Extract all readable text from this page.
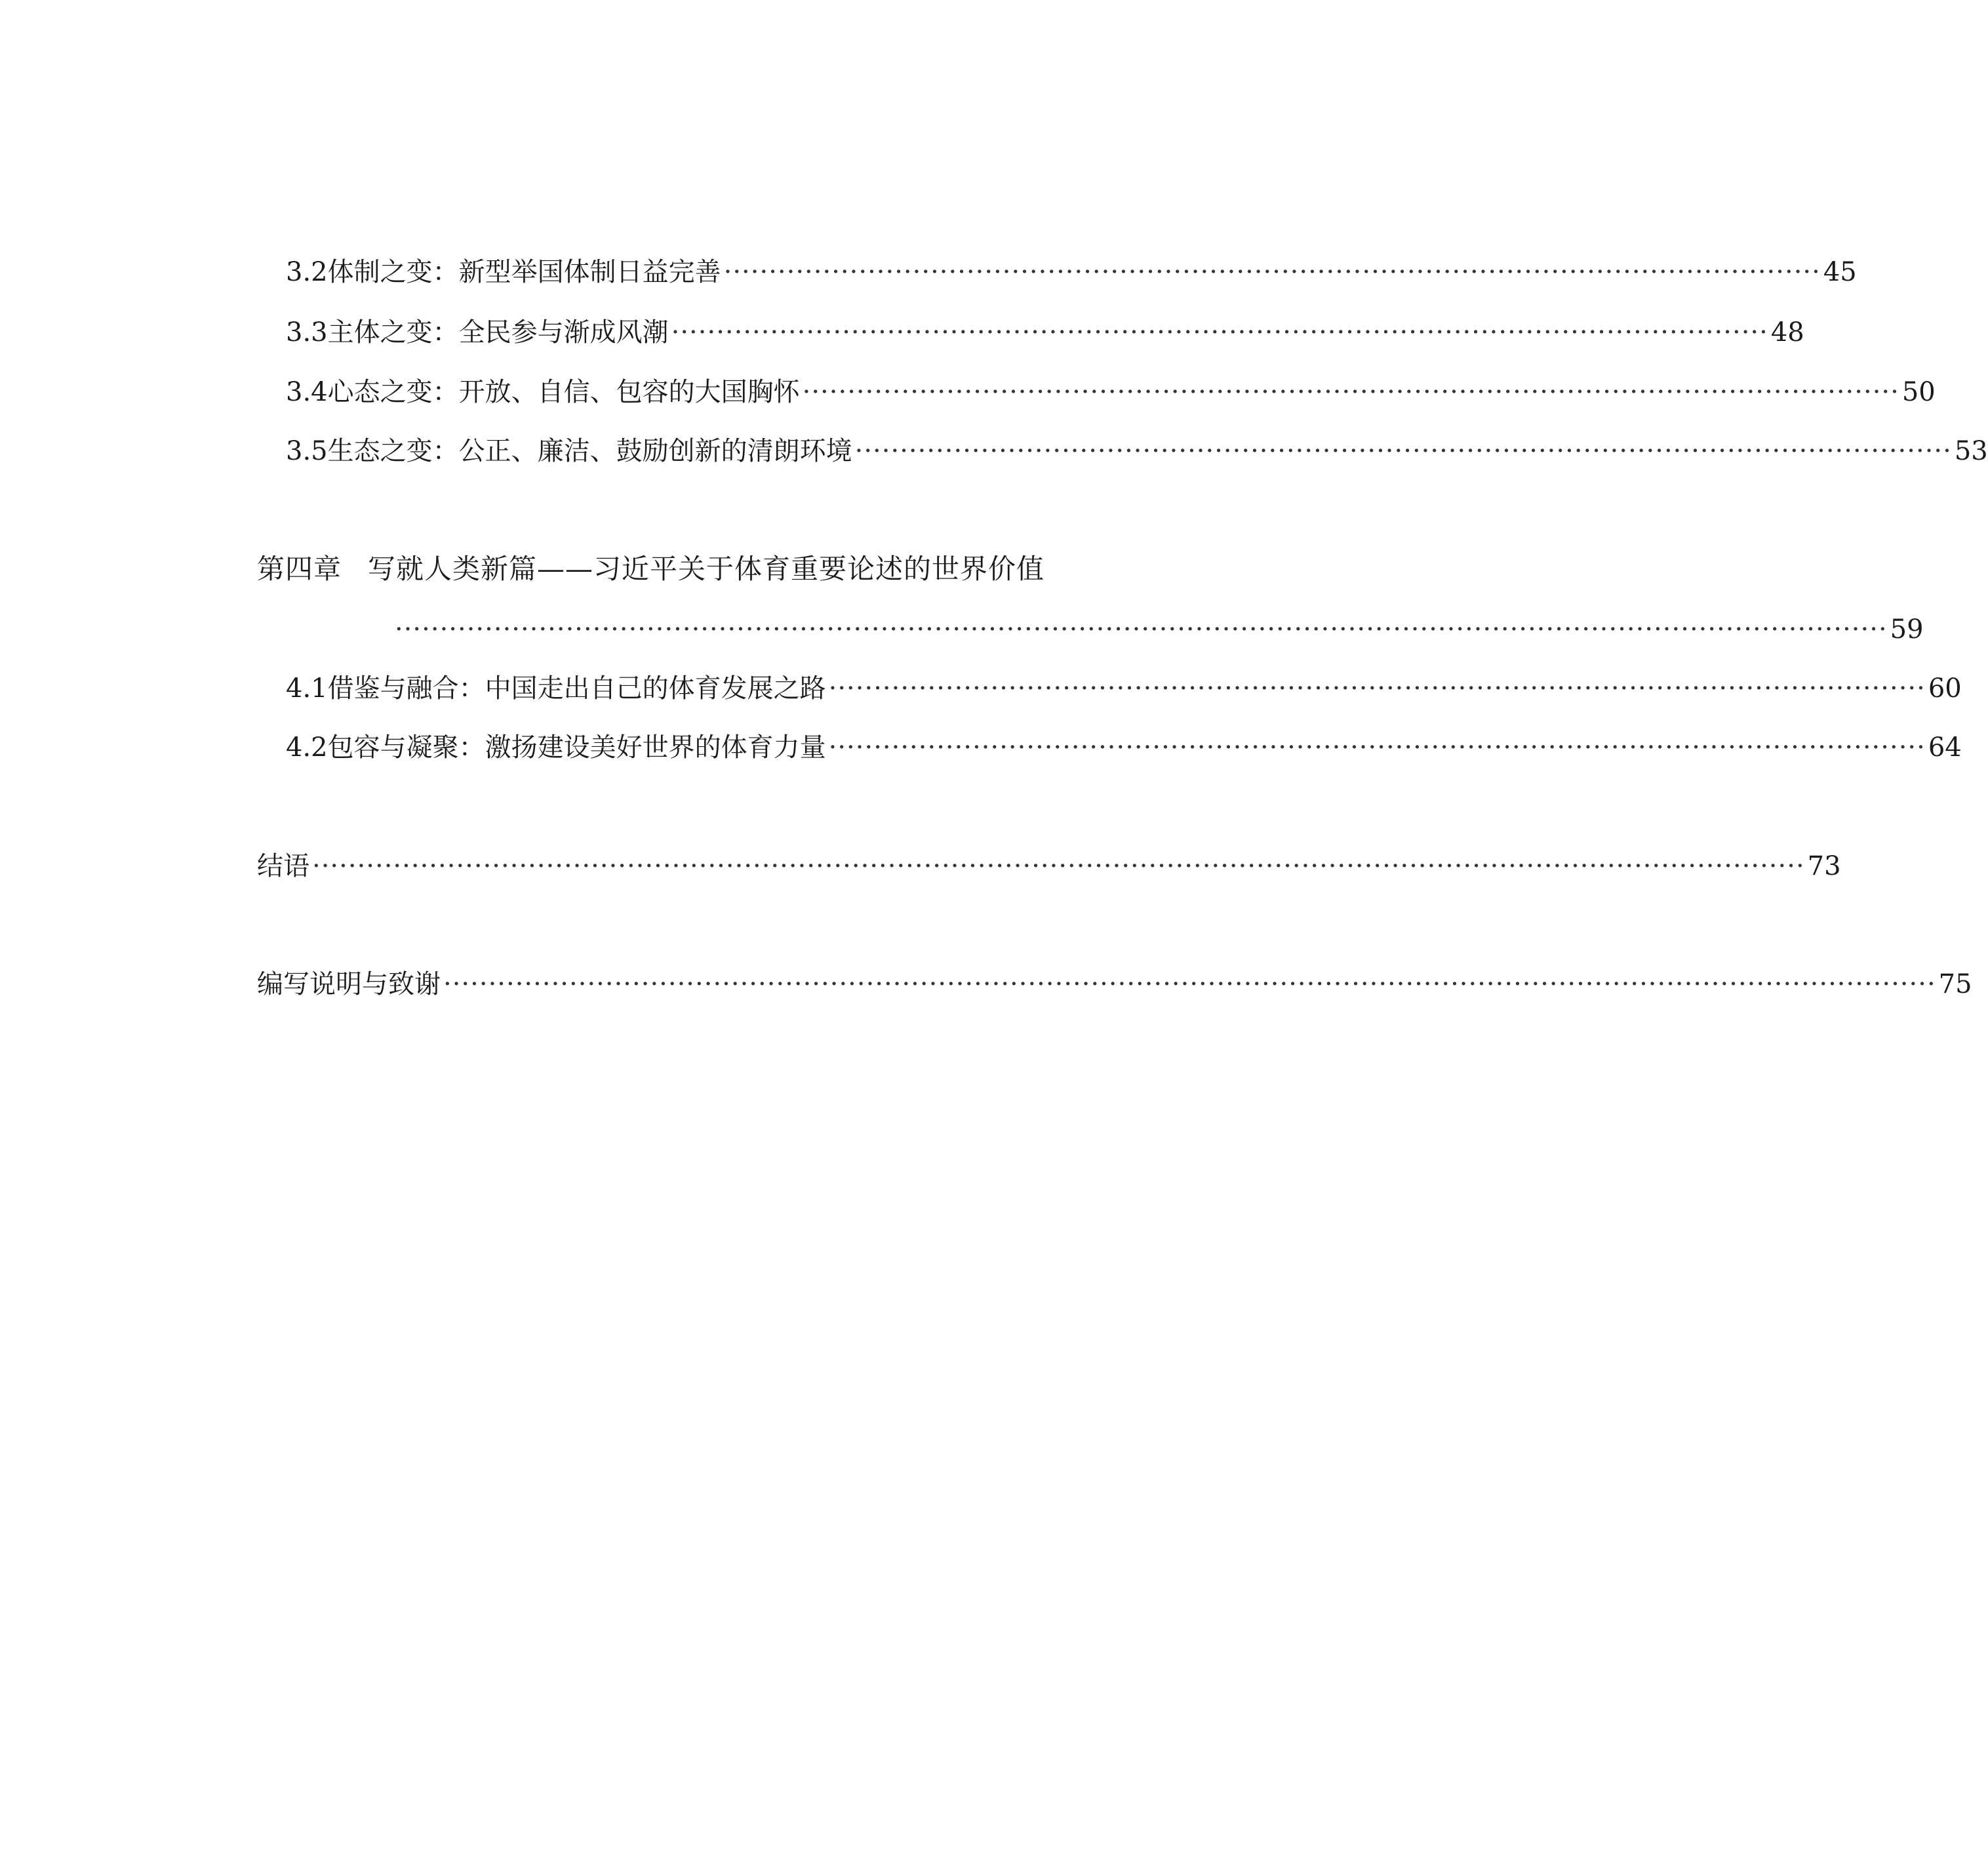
3.2 体制之变：新型举国体制日益完善 ·························································································································· 45
3.3 主体之变：全民参与渐成风潮 ·························································································································· 48
3.4 心态之变：开放、自信、包容的大国胸怀 ·························································································································· 50
3.5 生态之变：公正、廉洁、鼓励创新的清朗环境 ·························································································································· 53
第四章 写就人类新篇——习近平关于体育重要论述的世界价值
······································································································································································ 59
4.1 借鉴与融合：中国走出自己的体育发展之路 ·························································································································· 60
4.2 包容与凝聚：激扬建设美好世界的体育力量 ·························································································································· 64
结语 ······································································································································································ 73
编写说明与致谢 ······································································································································································ 75
